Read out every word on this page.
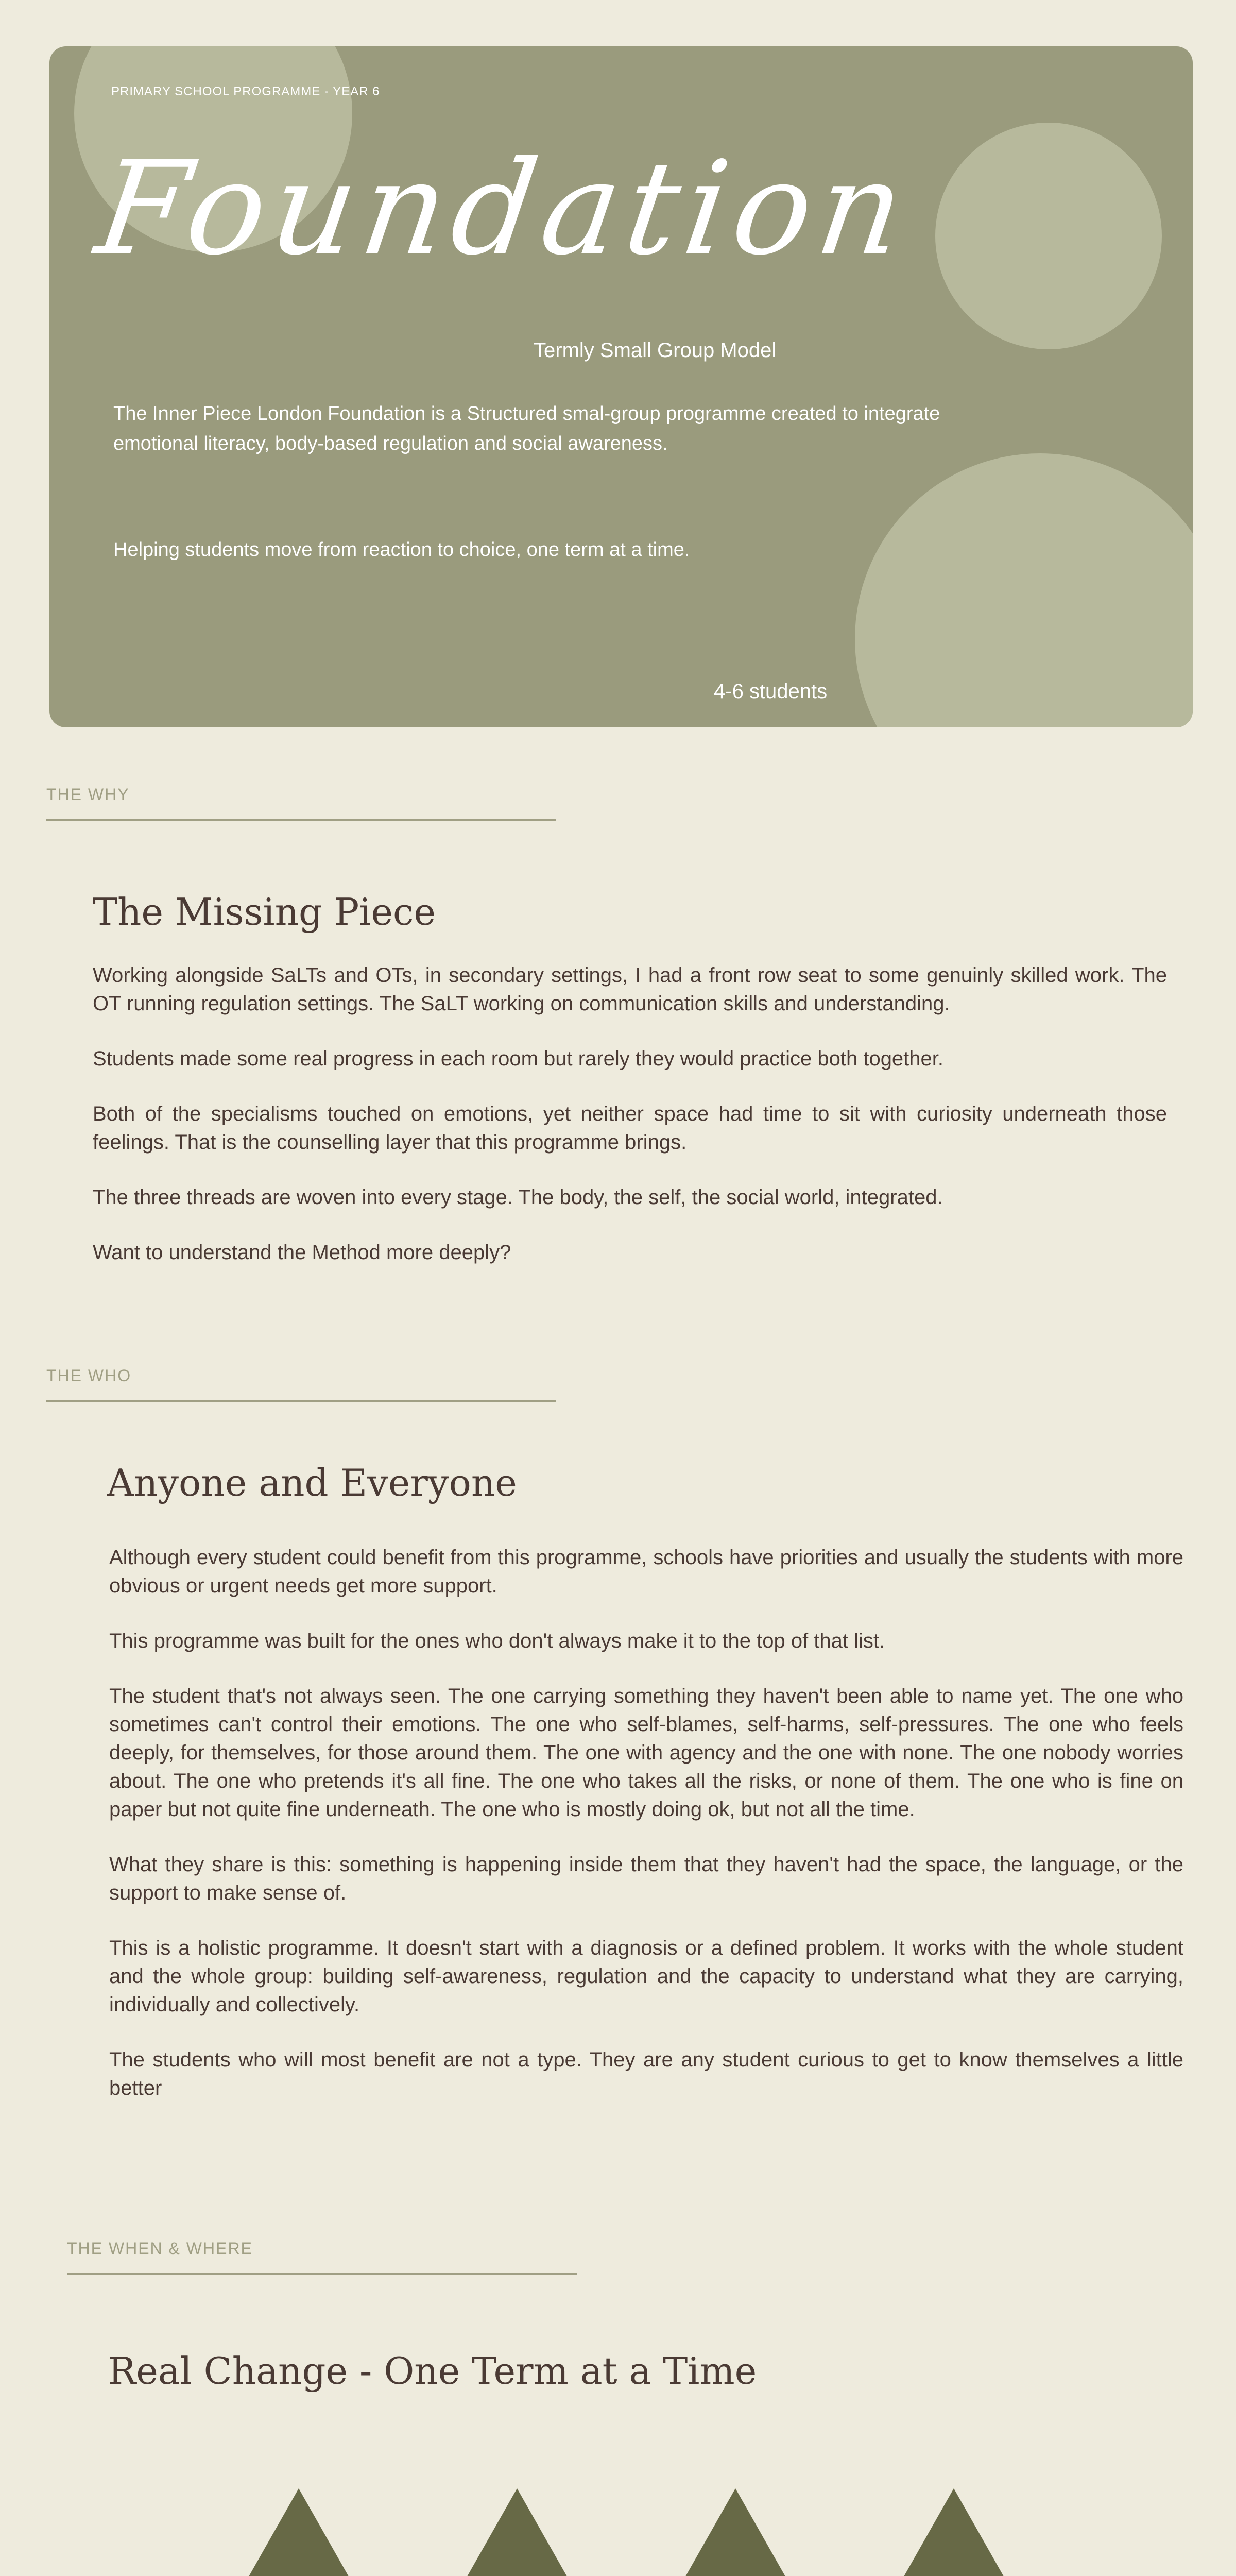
PRIMARY SCHOOL PROGRAMME - YEAR 6
Foundation
Termly Small Group Model
The Inner Piece London Foundation is a Structured smal-group programme created to integrate emotional literacy, body-based regulation and social awareness.
Helping students move from reaction to choice, one term at a time.
4-6 students
THE WHY
The Missing Piece

Working alongside SaLTs and OTs, in secondary settings, I had a front row seat to some genuinly skilled work. The OT running regulation settings. The SaLT working on communication skills and understanding.

Students made some real progress in each room but rarely they would practice both together.

Both of the specialisms touched on emotions, yet neither space had time to sit with curiosity underneath those feelings. That is the counselling layer that this programme brings.

The three threads are woven into every stage. The body, the self, the social world, integrated.

Want to understand the Method more deeply?

THE WHO
Anyone and Everyone

Although every student could benefit from this programme, schools have priorities and usually the students with more obvious or urgent needs get more support.

This programme was built for the ones who don't always make it to the top of that list.

The student that's not always seen. The one carrying something they haven't been able to name yet. The one who sometimes can't control their emotions. The one who self-blames, self-harms, self-pressures. The one who feels deeply, for themselves, for those around them. The one with agency and the one with none. The one nobody worries about. The one who pretends it's all fine. The one who takes all the risks, or none of them. The one who is fine on paper but not quite fine underneath. The one who is mostly doing ok, but not all the time.

What they share is this: something is happening inside them that they haven't had the space, the language, or the support to make sense of.

This is a holistic programme. It doesn't start with a diagnosis or a defined problem. It works with the whole student and the whole group: building self-awareness, regulation and the capacity to understand what they are carrying, individually and collectively.

The students who will most benefit are not a type. They are any student curious to get to know themselves a little better

THE WHEN & WHERE
Real Change - One Term at a Time
